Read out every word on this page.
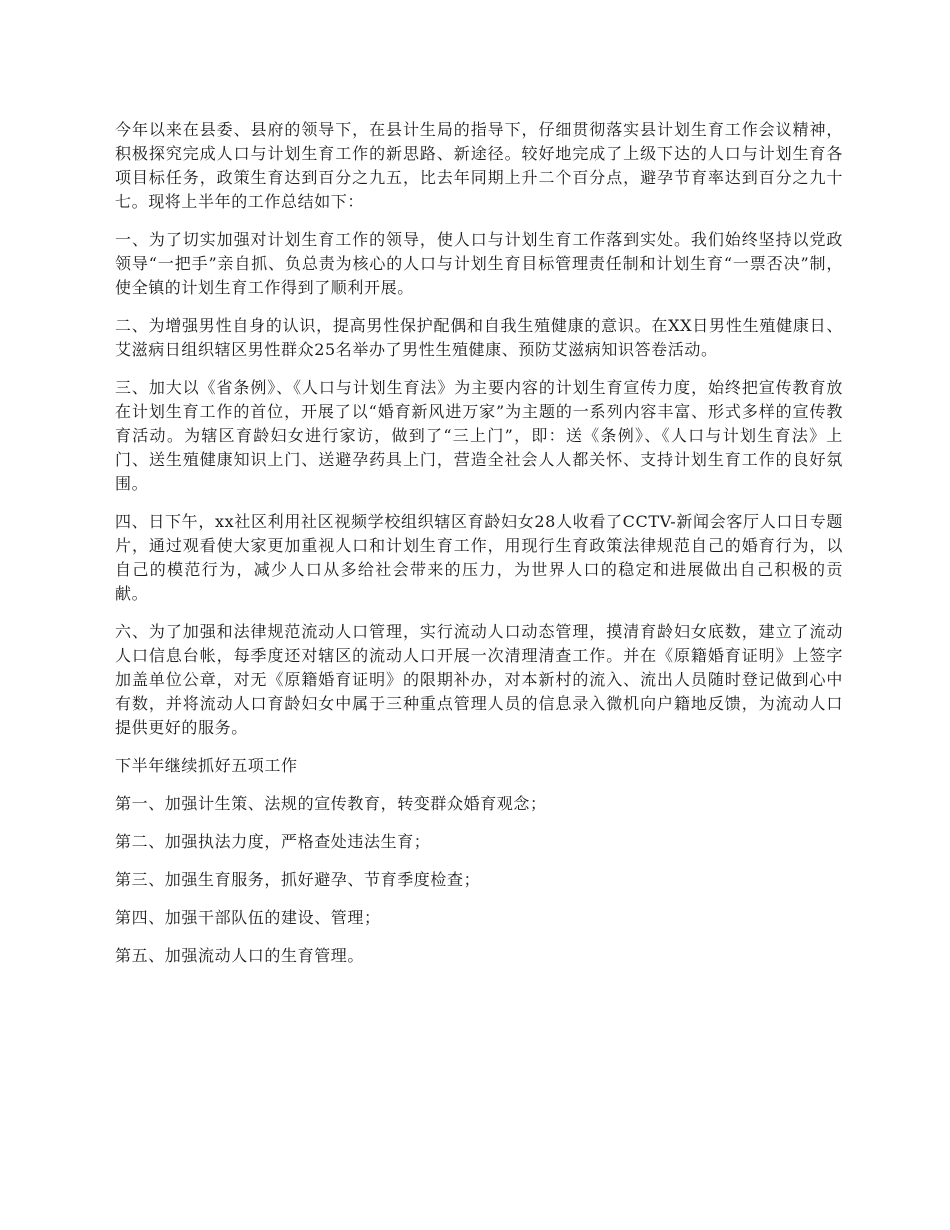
今年以来在县委、县府的领导下，在县计生局的指导下，仔细贯彻落实县计划生育工作会议精神，积极探究完成人口与计划生育工作的新思路、新途径。较好地完成了上级下达的人口与计划生育各项目标任务，政策生育达到百分之九五，比去年同期上升二个百分点，避孕节育率达到百分之九十七。现将上半年的工作总结如下：

一、为了切实加强对计划生育工作的领导，使人口与计划生育工作落到实处。我们始终坚持以党政领导“一把手”亲自抓、负总责为核心的人口与计划生育目标管理责任制和计划生育“一票否决”制，使全镇的计划生育工作得到了顺利开展。

二、为增强男性自身的认识，提高男性保护配偶和自我生殖健康的意识。在XX日男性生殖健康日、艾滋病日组织辖区男性群众25名举办了男性生殖健康、预防艾滋病知识答卷活动。

三、加大以《省条例》、《人口与计划生育法》为主要内容的计划生育宣传力度，始终把宣传教育放在计划生育工作的首位，开展了以“婚育新风进万家”为主题的一系列内容丰富、形式多样的宣传教育活动。为辖区育龄妇女进行家访，做到了“三上门”，即：送《条例》、《人口与计划生育法》上门、送生殖健康知识上门、送避孕药具上门，营造全社会人人都关怀、支持计划生育工作的良好氛围。

四、日下午，xx社区利用社区视频学校组织辖区育龄妇女28人收看了CCTV-新闻会客厅人口日专题片，通过观看使大家更加重视人口和计划生育工作，用现行生育政策法律规范自己的婚育行为，以自己的模范行为，减少人口从多给社会带来的压力，为世界人口的稳定和进展做出自己积极的贡献。

六、为了加强和法律规范流动人口管理，实行流动人口动态管理，摸清育龄妇女底数，建立了流动人口信息台帐，每季度还对辖区的流动人口开展一次清理清查工作。并在《原籍婚育证明》上签字加盖单位公章，对无《原籍婚育证明》的限期补办，对本新村的流入、流出人员随时登记做到心中有数，并将流动人口育龄妇女中属于三种重点管理人员的信息录入微机向户籍地反馈，为流动人口提供更好的服务。

下半年继续抓好五项工作

第一、加强计生策、法规的宣传教育，转变群众婚育观念；

第二、加强执法力度，严格查处违法生育；

第三、加强生育服务，抓好避孕、节育季度检查；

第四、加强干部队伍的建设、管理；

第五、加强流动人口的生育管理。
